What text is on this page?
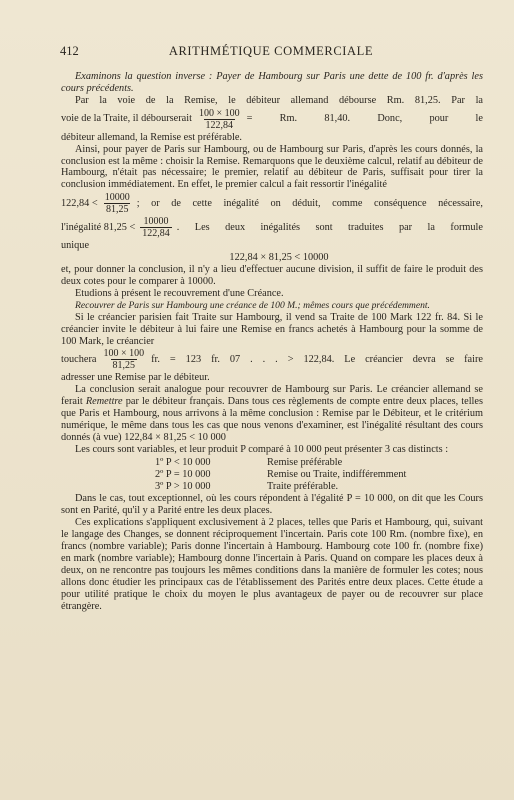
412	ARITHMÉTIQUE COMMERCIALE

Examinons la question inverse : Payer de Hambourg sur Paris une dette de 100 fr. d'après les cours précédents.

Par la voie de la Remise, le débiteur allemand débourse Rm. 81,25. Par la

voie de la Traite, il débourserait $\frac{100 \times 100}{122,84} = Rm$. 81,40. Donc, pour le

débiteur allemand, la Remise est préférable.

Ainsi, pour payer de Paris sur Hambourg, ou de Hambourg sur Paris, d'après les cours donnés, la conclusion est la même : choisir la Remise. Remarquons que le deuxième calcul, relatif au débiteur de Hambourg, n'était pas nécessaire; le premier, relatif au débiteur de Paris, suffisait pour tirer la conclusion immédiatement. En effet, le premier calcul a fait ressortir l'inégalité

$122,84 < \frac{10000}{81,25}$ ; or de cette inégalité on déduit, comme conséquence nécessaire,
l'inégalité $81,25 < \frac{10000}{122,84}$ . Les deux inégalités sont traduites par la formule

unique

122,84 × 81,25 < 10000

et, pour donner la conclusion, il n'y a lieu d'effectuer aucune division, il suffit de faire le produit des deux cotes pour le comparer à 10000.

Etudions à présent le recouvrement d'une Créance.

Recouvrer de Paris sur Hambourg une créance de 100 M.; mêmes cours que précédemment.

Si le créancier parisien fait Traite sur Hambourg, il vend sa Traite de 100 Mark 122 fr. 84. Si le créancier invite le débiteur à lui faire une Remise en francs achetés à Hambourg pour la somme de 100 Mark, le créancier

touchera $\frac{100 \times 100}{81,25}$ fr. = 123 fr. 07 . . . > 122,84. Le créancier devra se faire

adresser une Remise par le débiteur.

La conclusion serait analogue pour recouvrer de Hambourg sur Paris. Le créancier allemand se ferait Remettre par le débiteur français. Dans tous ces règlements de compte entre deux places, telles que Paris et Hambourg, nous arrivons à la même conclusion : Remise par le Débiteur, et le critérium numérique, le même dans tous les cas que nous venons d'examiner, est l'inégalité résultant des cours donnés (à vue) 122,84 × 81,25 < 10 000

Les cours sont variables, et leur produit P comparé à 10 000 peut présenter 3 cas distincts :

1º P < 10 000	Remise préférable
2º P = 10 000	Remise ou Traite, indifféremment
3º P > 10 000	Traite préférable.

Dans le cas, tout exceptionnel, où les cours répondent à l'égalité P = 10 000, on dit que les Cours sont en Parité, qu'il y a Parité entre les deux places.

Ces explications s'appliquent exclusivement à 2 places, telles que Paris et Hambourg, qui, suivant le langage des Changes, se donnent réciproquement l'incertain. Paris cote 100 Rm. (nombre fixe), en francs (nombre variable); Paris donne l'incertain à Hambourg. Hambourg cote 100 fr. (nombre fixe) en mark (nombre variable); Hambourg donne l'incertain à Paris. Quand on compare les places deux à deux, on ne rencontre pas toujours les mêmes conditions dans la manière de formuler les cotes; nous allons donc étudier les principaux cas de l'établissement des Parités entre deux places. Cette étude a pour utilité pratique le choix du moyen le plus avantageux de payer ou de recouvrer sur place étrangère.
